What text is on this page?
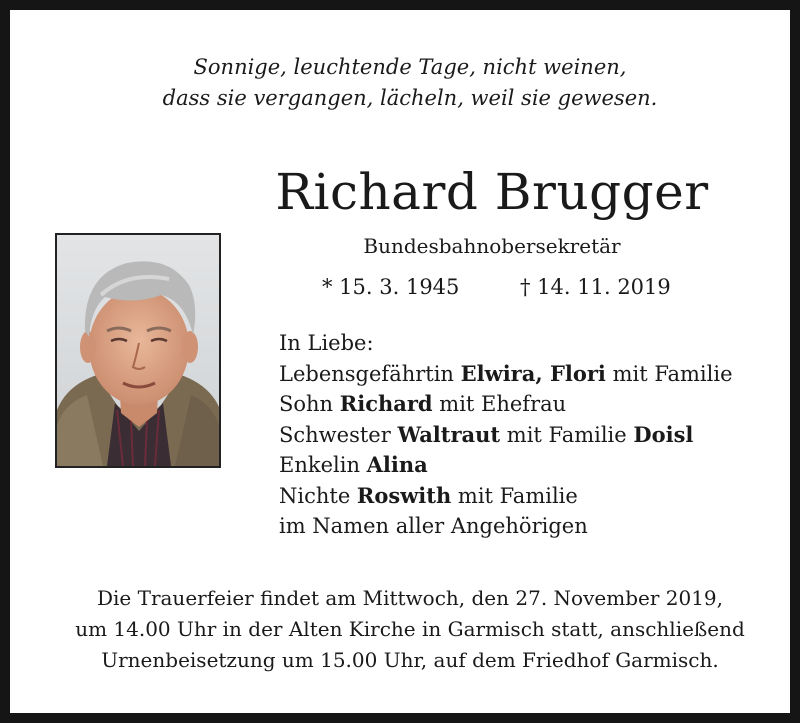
Sonnige, leuchtende Tage, nicht weinen,
dass sie vergangen, lächeln, weil sie gewesen.
Richard Brugger
Bundesbahnobersekretär
* 15. 3. 1945	† 14. 11. 2019
In Liebe:
Lebensgefährtin Elwira, Flori mit Familie
Sohn Richard mit Ehefrau
Schwester Waltraut mit Familie Doisl
Enkelin Alina
Nichte Roswith mit Familie
im Namen aller Angehörigen
Die Trauerfeier findet am Mittwoch, den 27. November 2019,
um 14.00 Uhr in der Alten Kirche in Garmisch statt, anschließend
Urnenbeisetzung um 15.00 Uhr, auf dem Friedhof Garmisch.
